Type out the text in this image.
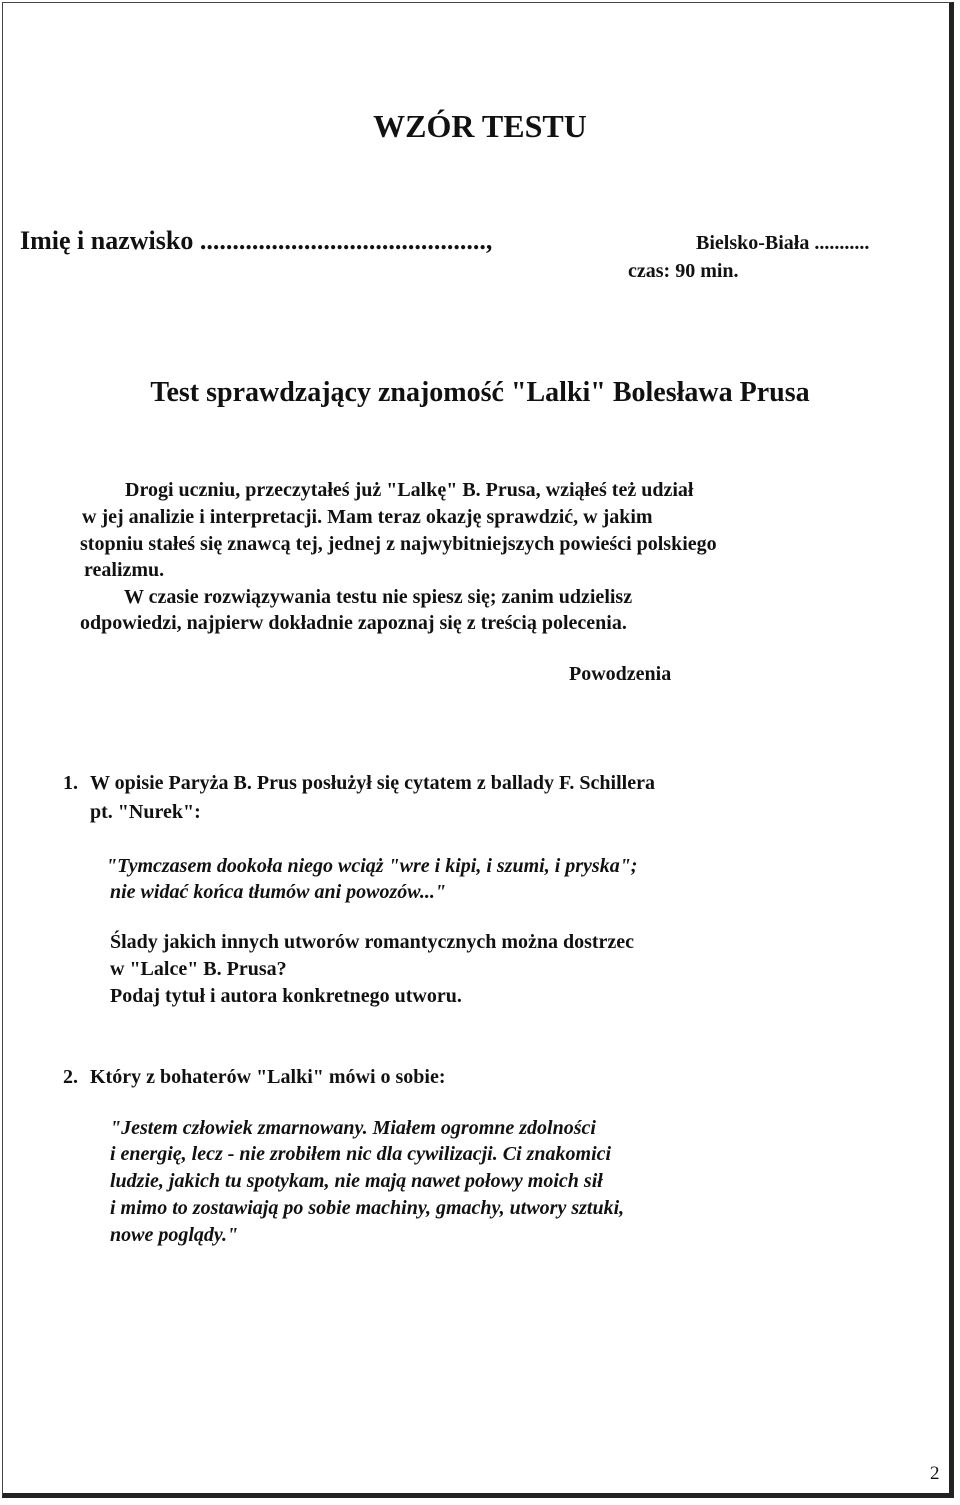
WZÓR TESTU
Imię i nazwisko ............................................,	Bielsko-Biała ...........
czas: 90 min.
Test sprawdzający znajomość "Lalki" Bolesława Prusa
Drogi uczniu, przeczytałeś już "Lalkę" B. Prusa, wziąłeś też udział
w jej analizie i interpretacji. Mam teraz okazję sprawdzić, w jakim
stopniu stałeś się znawcą tej, jednej z najwybitniejszych powieści polskiego
realizmu.
W czasie rozwiązywania testu nie spiesz się; zanim udzielisz
odpowiedzi, najpierw dokładnie zapoznaj się z treścią polecenia.
Powodzenia
1. W opisie Paryża B. Prus posłużył się cytatem z ballady F. Schillera
pt. "Nurek":
"Tymczasem dookoła niego wciąż "wre i kipi, i szumi, i pryska";
nie widać końca tłumów ani powozów..."
Ślady jakich innych utworów romantycznych można dostrzec
w "Lalce" B. Prusa?
Podaj tytuł i autora konkretnego utworu.
2. Który z bohaterów "Lalki" mówi o sobie:
"Jestem człowiek zmarnowany. Miałem ogromne zdolności
i energię, lecz - nie zrobiłem nic dla cywilizacji. Ci znakomici
ludzie, jakich tu spotykam, nie mają nawet połowy moich sił
i mimo to zostawiają po sobie machiny, gmachy, utwory sztuki,
nowe poglądy."
2
